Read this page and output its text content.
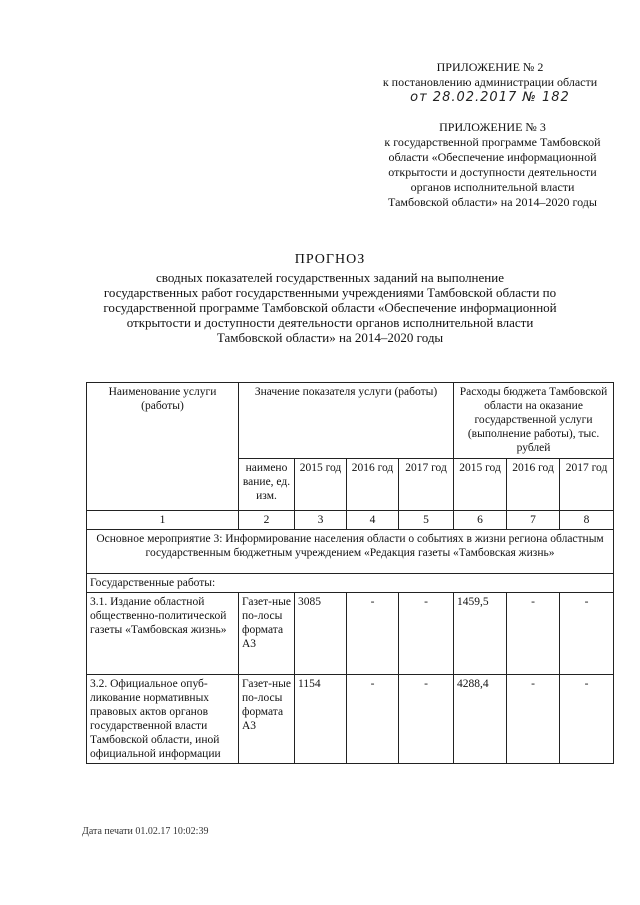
ПРИЛОЖЕНИЕ № 2
к постановлению администрации области
от 28.02.2017 № 182
ПРИЛОЖЕНИЕ № 3
к государственной программе Тамбовской
области «Обеспечение информационной
открытости и доступности деятельности
органов исполнительной власти
Тамбовской области» на 2014–2020 годы
ПРОГНОЗ
сводных показателей государственных заданий на выполнение
государственных работ государственными учреждениями Тамбовской области по
государственной программе Тамбовской области «Обеспечение информационной
открытости и доступности деятельности органов исполнительной власти
Тамбовской области» на 2014–2020 годы
Наименование услуги (работы)	Значение показателя услуги (работы)				Расходы бюджета Тамбовской области на оказание государственной услуги (выполнение работы), тыс. рублей		
	наимено вание, ед. изм.	2015 год	2016 год	2017 год	2015 год	2016 год	2017 год
1	2	3	4	5	6	7	8
Основное мероприятие 3: Информирование населения области о событиях в жизни региона областным государственным бюджетным учреждением «Редакция газеты «Тамбовская жизнь»							
Государственные работы:							
3.1. Издание областной общественно-политической газеты «Тамбовская жизнь»	Газет-ные по-лосы формата А3	3085	-	-	1459,5	-	-
3.2. Официальное опуб-ликование нормативных правовых актов органов государственной власти Тамбовской области, иной официальной информации	Газет-ные по-лосы формата А3	1154	-	-	4288,4	-	-
Дата печати 01.02.17 10:02:39
